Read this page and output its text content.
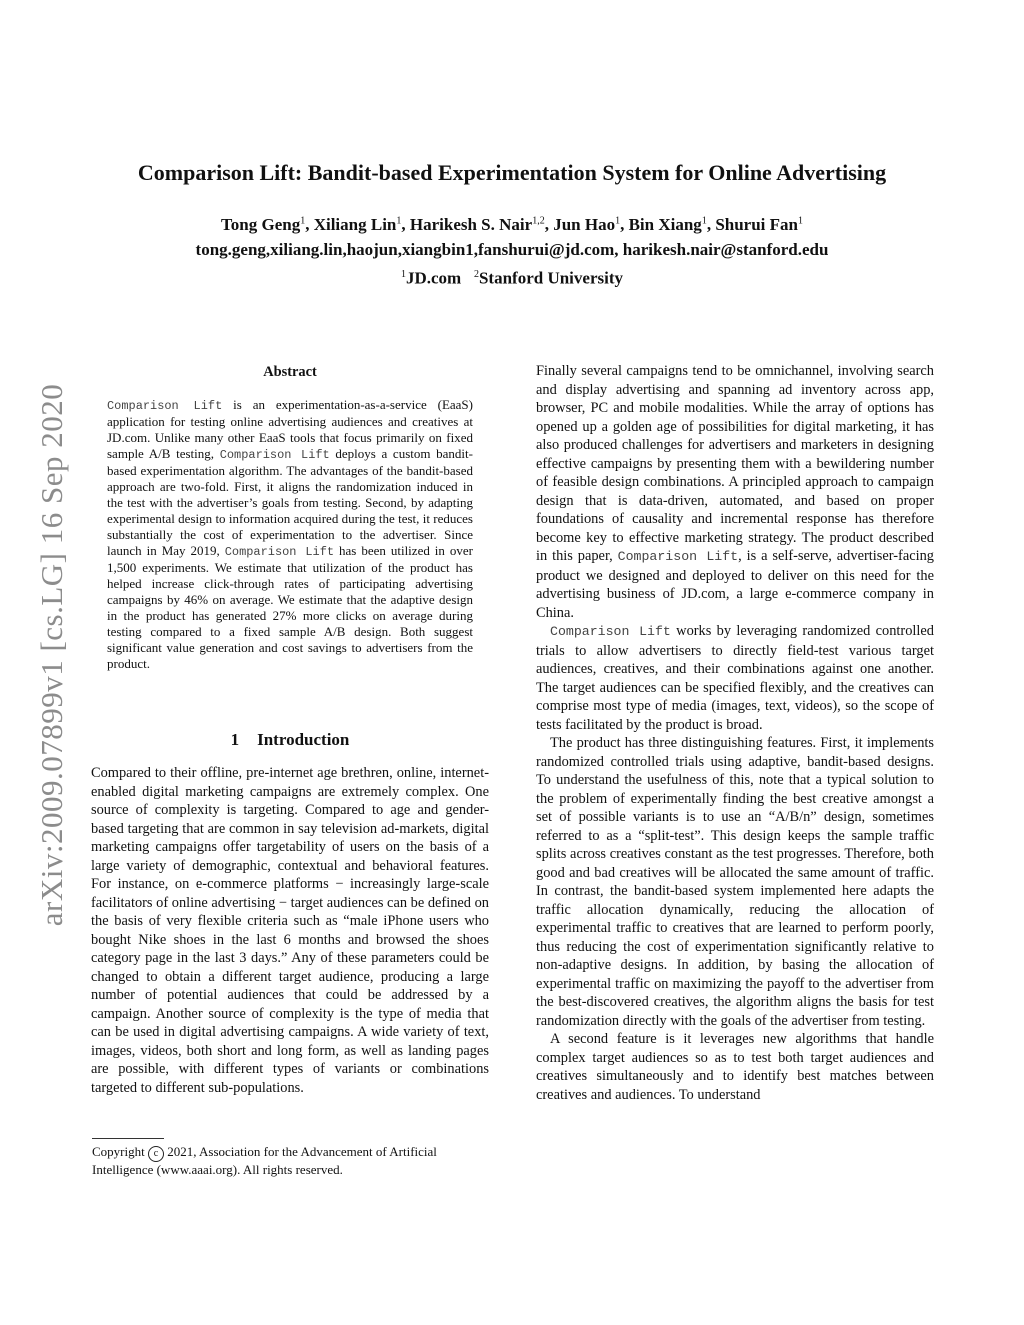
Comparison Lift: Bandit-based Experimentation System for Online Advertising
Tong Geng$^1$, Xiliang Lin$^1$, Harikesh S. Nair$^{1,2}$, Jun Hao$^1$, Bin Xiang$^1$, Shurui Fan$^1$
tong.geng,xiliang.lin,haojun,xiangbin1,fanshurui@jd.com, harikesh.nair@stanford.edu
$^1$JD.com $^2$Stanford University
arXiv:2009.07899v1 [cs.LG] 16 Sep 2020
Abstract
Comparison Lift is an experimentation-as-a-service (EaaS) application for testing online advertising audiences and creatives at JD.com. Unlike many other EaaS tools that focus primarily on fixed sample A/B testing, Comparison Lift deploys a custom bandit-based experimentation algorithm. The advantages of the bandit-based approach are two-fold. First, it aligns the randomization induced in the test with the advertiser’s goals from testing. Second, by adapting experimental design to information acquired during the test, it reduces substantially the cost of experimentation to the advertiser. Since launch in May 2019, Comparison Lift has been utilized in over 1,500 experiments. We estimate that utilization of the product has helped increase click-through rates of participating advertising campaigns by 46% on average. We estimate that the adaptive design in the product has generated 27% more clicks on average during testing compared to a fixed sample A/B design. Both suggest significant value generation and cost savings to advertisers from the product.
1 Introduction

Compared to their offline, pre-internet age brethren, online, internet-enabled digital marketing campaigns are extremely complex. One source of complexity is targeting. Compared to age and gender-based targeting that are common in say television ad-markets, digital marketing campaigns offer targetability of users on the basis of a large variety of demographic, contextual and behavioral features. For instance, on e-commerce platforms − increasingly large-scale facilitators of online advertising − target audiences can be defined on the basis of very flexible criteria such as “male iPhone users who bought Nike shoes in the last 6 months and browsed the shoes category page in the last 3 days.” Any of these parameters could be changed to obtain a different target audience, producing a large number of potential audiences that could be addressed by a campaign. Another source of complexity is the type of media that can be used in digital advertising campaigns. A wide variety of text, images, videos, both short and long form, as well as landing pages are possible, with different types of variants or combinations targeted to different sub-populations.

Copyright c 2021, Association for the Advancement of Artificial Intelligence (www.aaai.org). All rights reserved.

Finally several campaigns tend to be omnichannel, involving search and display advertising and spanning ad inventory across app, browser, PC and mobile modalities. While the array of options has opened up a golden age of possibilities for digital marketing, it has also produced challenges for advertisers and marketers in designing effective campaigns by presenting them with a bewildering number of feasible design combinations. A principled approach to campaign design that is data-driven, automated, and based on proper foundations of causality and incremental response has therefore become key to effective marketing strategy. The product described in this paper, Comparison Lift, is a self-serve, advertiser-facing product we designed and deployed to deliver on this need for the advertising business of JD.com, a large e-commerce company in China.

Comparison Lift works by leveraging randomized controlled trials to allow advertisers to directly field-test various target audiences, creatives, and their combinations against one another. The target audiences can be specified flexibly, and the creatives can comprise most type of media (images, text, videos), so the scope of tests facilitated by the product is broad.

The product has three distinguishing features. First, it implements randomized controlled trials using adaptive, bandit-based designs. To understand the usefulness of this, note that a typical solution to the problem of experimentally finding the best creative amongst a set of possible variants is to use an “A/B/n” design, sometimes referred to as a “split-test”. This design keeps the sample traffic splits across creatives constant as the test progresses. Therefore, both good and bad creatives will be allocated the same amount of traffic. In contrast, the bandit-based system implemented here adapts the traffic allocation dynamically, reducing the allocation of experimental traffic to creatives that are learned to perform poorly, thus reducing the cost of experimentation significantly relative to non-adaptive designs. In addition, by basing the allocation of experimental traffic on maximizing the payoff to the advertiser from the best-discovered creatives, the algorithm aligns the basis for test randomization directly with the goals of the advertiser from testing.

A second feature is it leverages new algorithms that handle complex target audiences so as to test both target audiences and creatives simultaneously and to identify best matches between creatives and audiences. To understand
